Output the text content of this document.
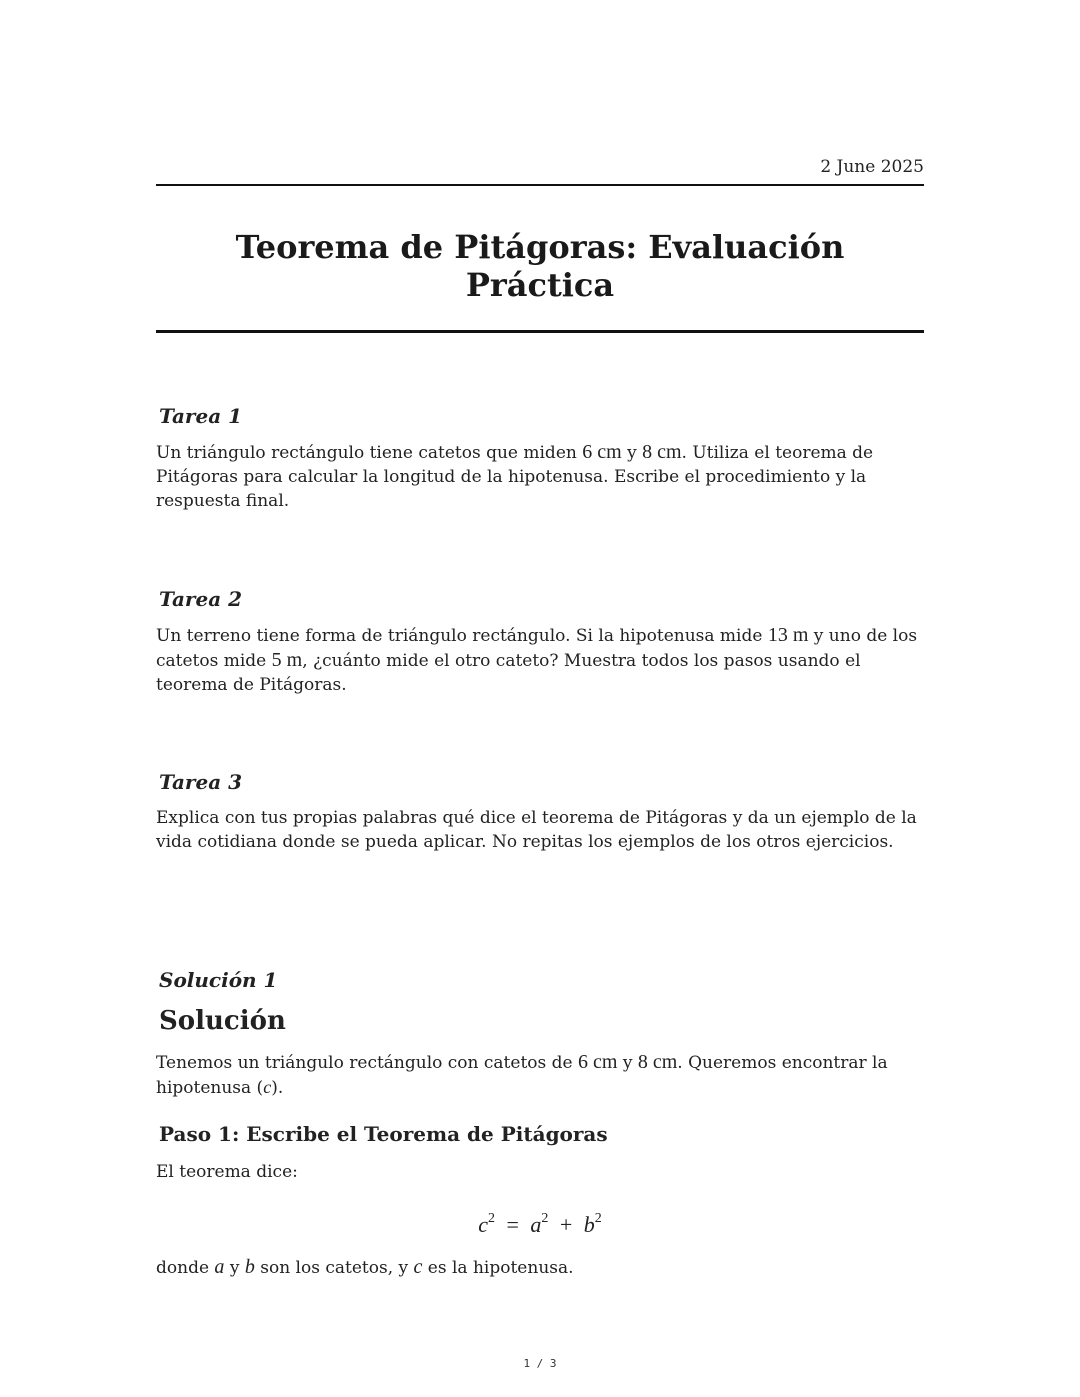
2 June 2025
Teorema de Pitágoras: Evaluación Práctica
Tarea 1

Un triángulo rectángulo tiene catetos que miden 6 cm y 8 cm. Utiliza el teorema de Pitágoras para calcular la longitud de la hipotenusa. Escribe el procedimiento y la respuesta final.

Tarea 2

Un terreno tiene forma de triángulo rectángulo. Si la hipotenusa mide 13 m y uno de los catetos mide 5 m, ¿cuánto mide el otro cateto? Muestra todos los pasos usando el teorema de Pitágoras.

Tarea 3

Explica con tus propias palabras qué dice el teorema de Pitágoras y da un ejemplo de la vida cotidiana donde se pueda aplicar. No repitas los ejemplos de los otros ejercicios.

Solución 1
Solución

Tenemos un triángulo rectángulo con catetos de 6 cm y 8 cm. Queremos encontrar la hipotenusa (c).

Paso 1: Escribe el Teorema de Pitágoras

El teorema dice:

$c^2 = a^2 + b^2$

donde a y b son los catetos, y c es la hipotenusa.

1 / 3
